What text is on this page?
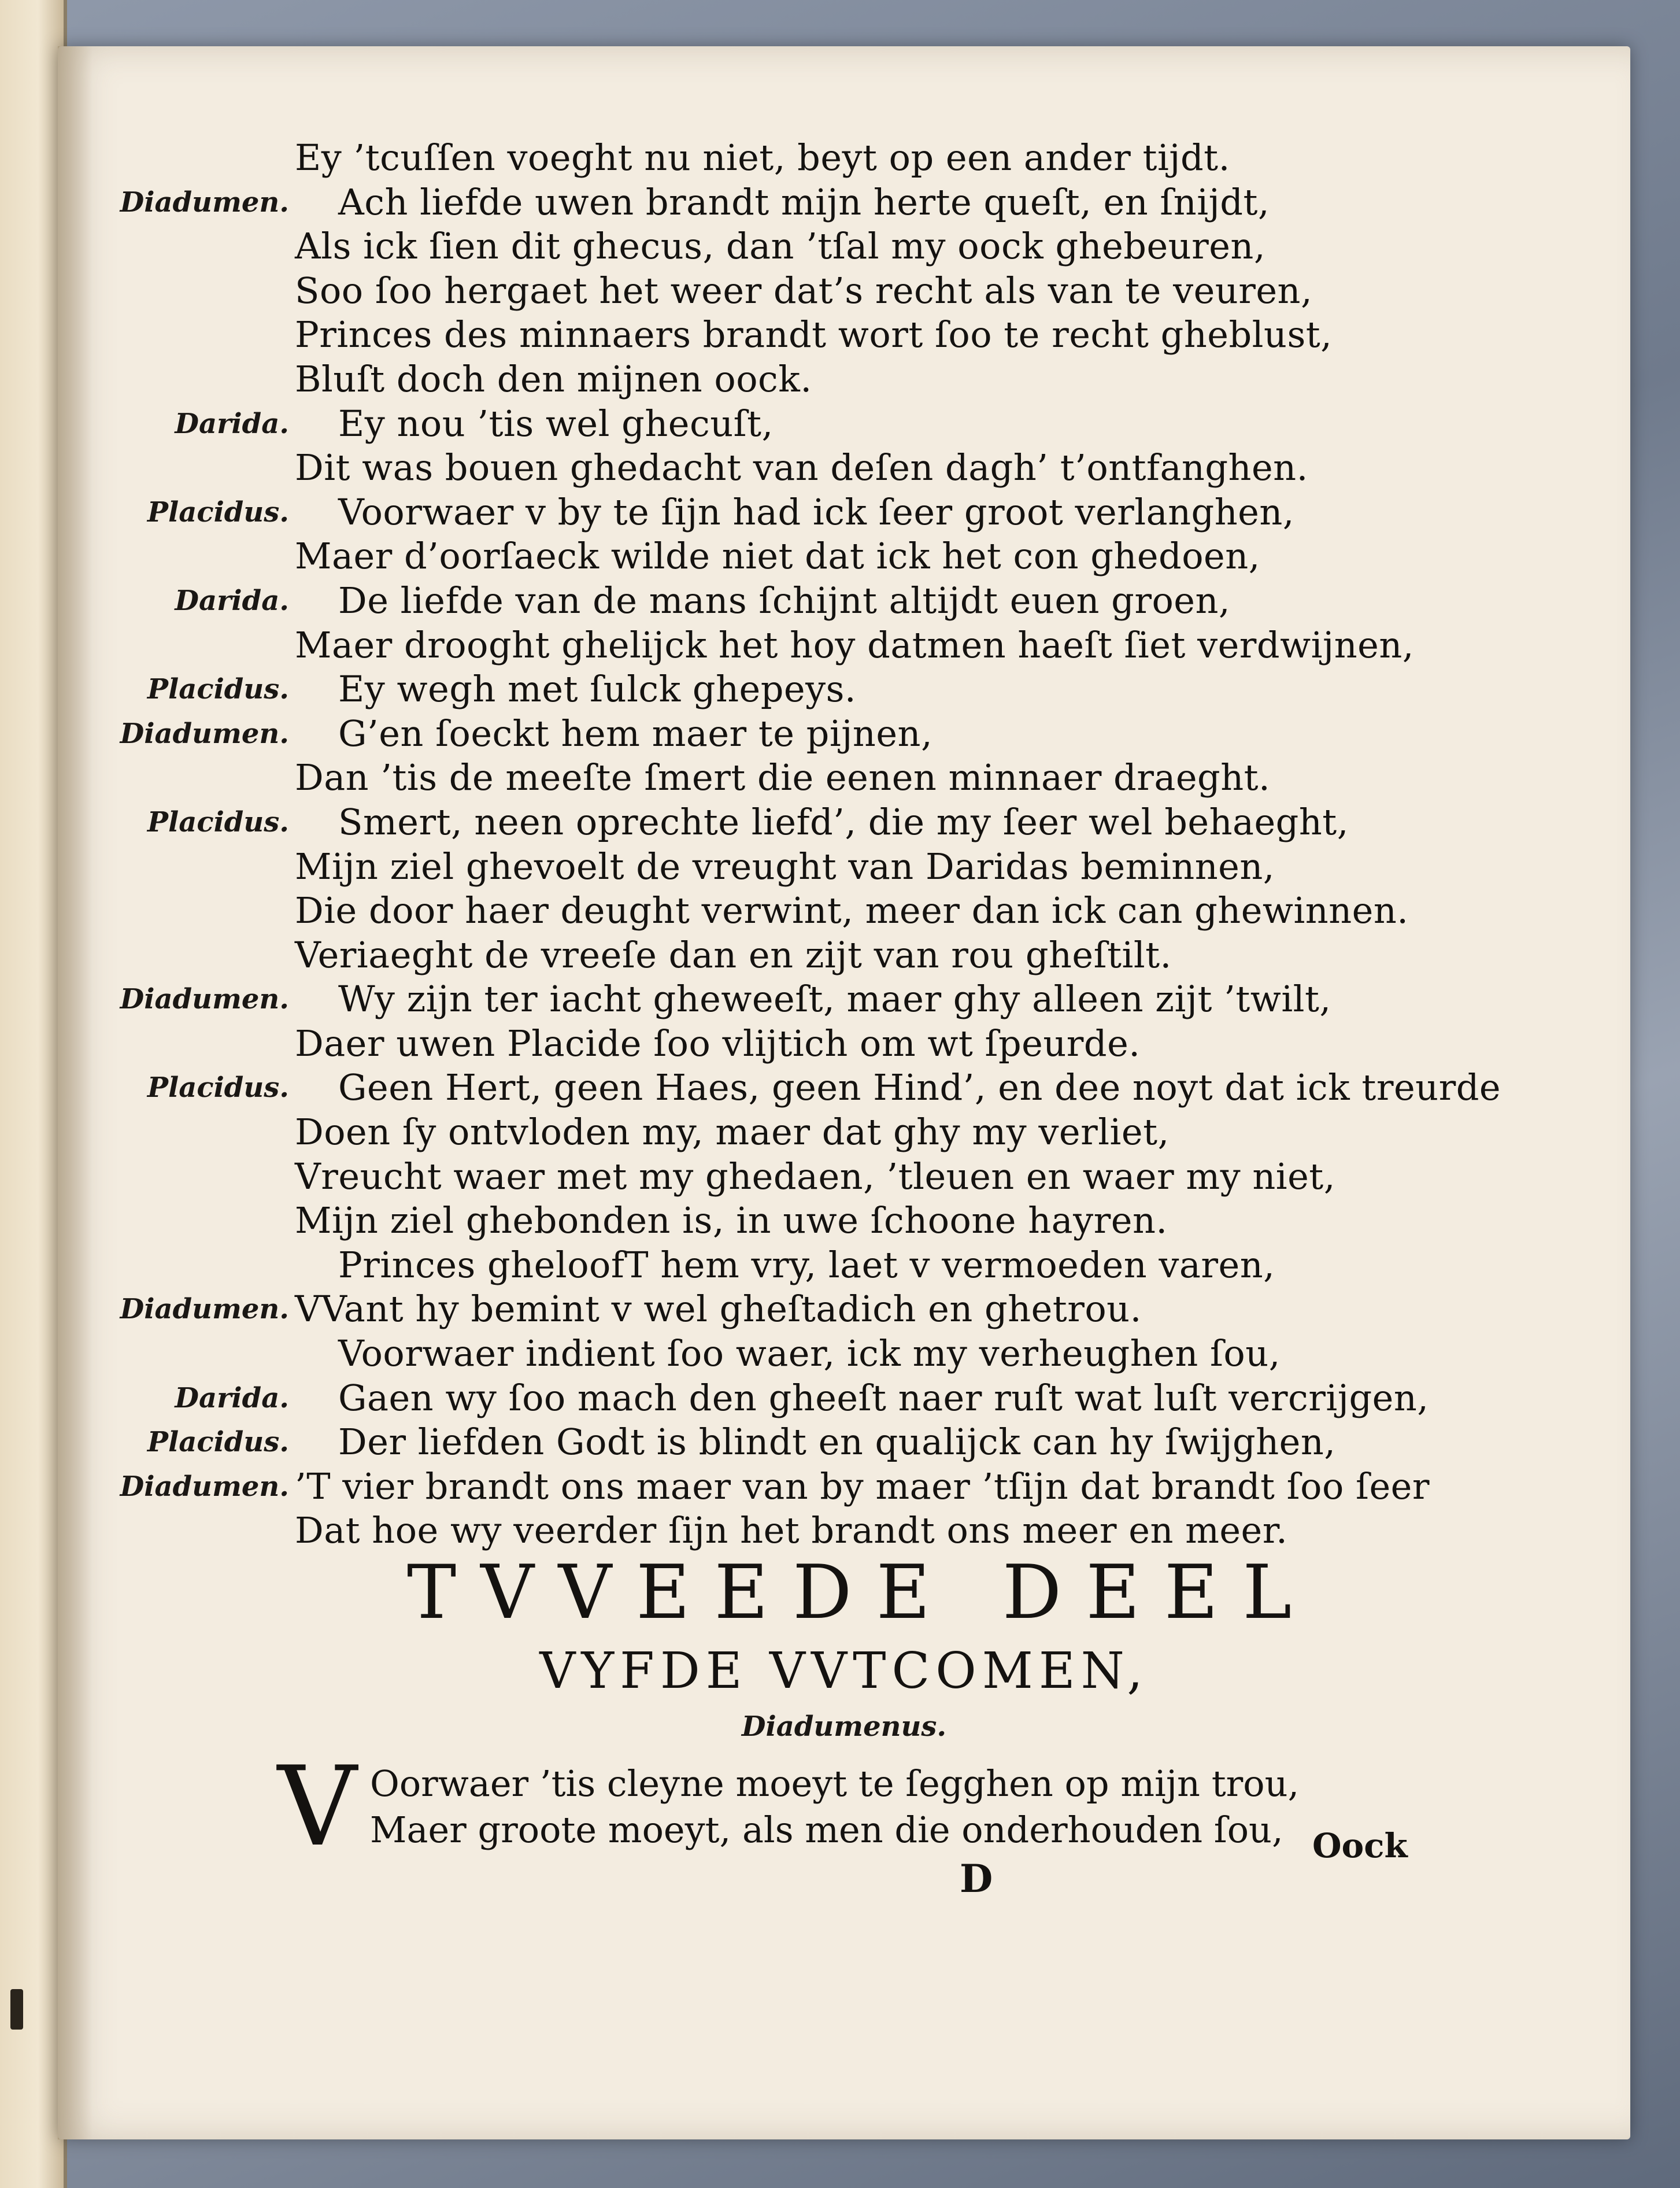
Ey ’tcuſſen voeght nu niet, beyt op een ander tijdt.
Diadumen. Ach liefde uwen brandt mijn herte queſt, en ſnijdt,
Als ick ſien dit ghecus, dan ’tſal my oock ghebeuren,
Soo ſoo hergaet het weer dat’s recht als van te veuren,
Princes des minnaers brandt wort ſoo te recht gheblust,
Bluſt doch den mijnen oock.
Darida. Ey nou ’tis wel ghecuſt,
Dit was bouen ghedacht van deſen dagh’ t’ontfanghen.
Placidus. Voorwaer v by te ſijn had ick ſeer groot verlanghen,
Maer d’oorſaeck wilde niet dat ick het con ghedoen,
Darida. De liefde van de mans ſchijnt altijdt euen groen,
Maer drooght ghelijck het hoy datmen haeſt ſiet verdwijnen,
Placidus. Ey wegh met ſulck ghepeys.
Diadumen. G’en ſoeckt hem maer te pijnen,
Dan ’tis de meeſte ſmert die eenen minnaer draeght.
Placidus. Smert, neen oprechte liefd’, die my ſeer wel behaeght,
Mijn ziel ghevoelt de vreught van Daridas beminnen,
Die door haer deught verwint, meer dan ick can ghewinnen.
Veriaeght de vreeſe dan en zijt van rou gheſtilt.
Diadumen. Wy zijn ter iacht gheweeſt, maer ghy alleen zijt ’twilt,
Daer uwen Placide ſoo vlijtich om wt ſpeurde.
Placidus. Geen Hert, geen Haes, geen Hind’, en dee noyt dat ick treurde
Doen ſy ontvloden my, maer dat ghy my verliet,
Vreucht waer met my ghedaen, ’tleuen en waer my niet,
Mijn ziel ghebonden is, in uwe ſchoone hayren.
Princes gheloofT hem vry, laet v vermoeden varen,
Diadumen. VVant hy bemint v wel gheſtadich en ghetrou.
Voorwaer indient ſoo waer, ick my verheughen ſou,
Darida. Gaen wy ſoo mach den gheeſt naer ruſt wat luſt vercrijgen,
Placidus. Der liefden Godt is blindt en qualijck can hy ſwijghen,
Diadumen. ’T vier brandt ons maer van by maer ’tſijn dat brandt ſoo ſeer
Dat hoe wy veerder ſijn het brandt ons meer en meer.
TVVEEDE DEEL
VYFDE VVTCOMEN,
Diadumenus.
V Oorwaer ’tis cleyne moeyt te ſegghen op mijn trou,
Maer groote moeyt, als men die onderhouden ſou, Oock
D
